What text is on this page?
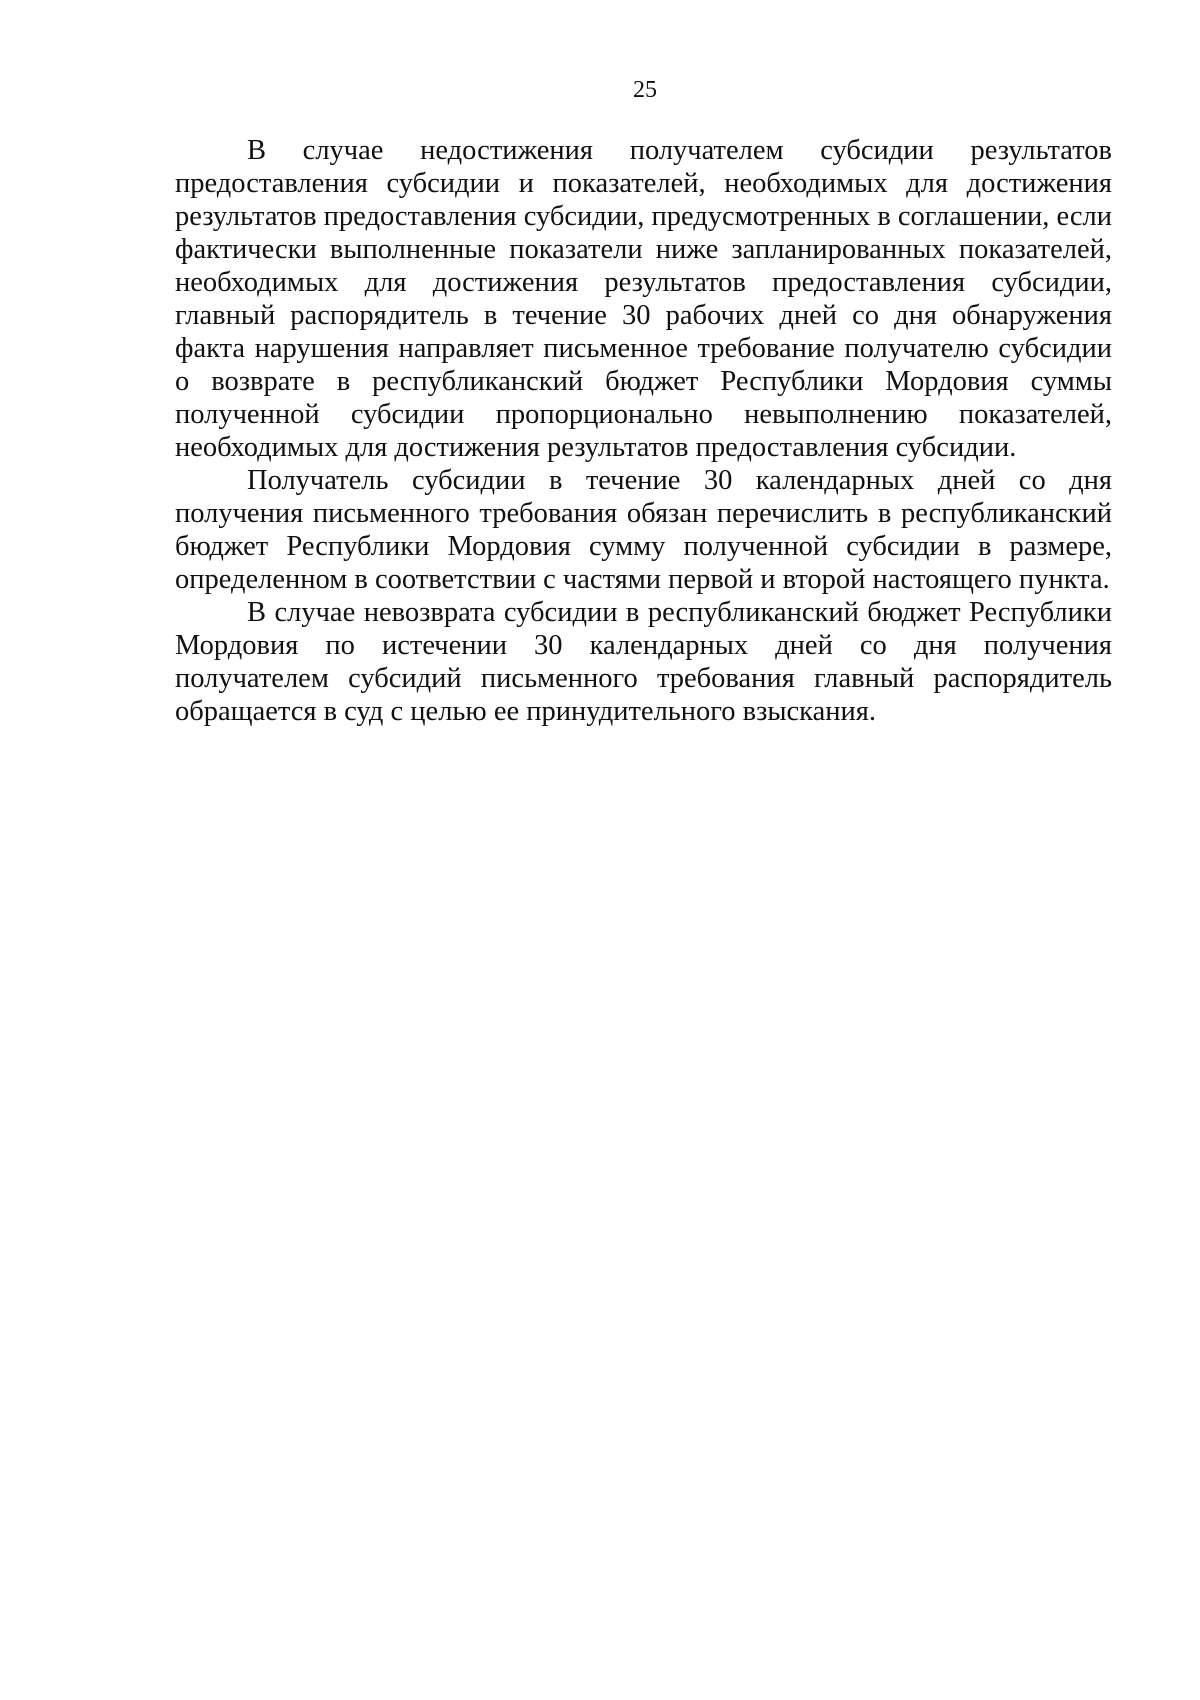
25

В случае недостижения получателем субсидии результатов предоставления субсидии и показателей, необходимых для достижения результатов предоставления субсидии, предусмотренных в соглашении, если фактически выполненные показатели ниже запланированных показателей, необходимых для достижения результатов предоставления субсидии, главный распорядитель в течение 30 рабочих дней со дня обнаружения факта нарушения направляет письменное требование получателю субсидии о возврате в республиканский бюджет Республики Мордовия суммы полученной субсидии пропорционально невыполнению показателей, необходимых для достижения результатов предоставления субсидии.

Получатель субсидии в течение 30 календарных дней со дня получения письменного требования обязан перечислить в республиканский бюджет Республики Мордовия сумму полученной субсидии в размере, определенном в соответствии с частями первой и второй настоящего пункта.

В случае невозврата субсидии в республиканский бюджет Республики Мордовия по истечении 30 календарных дней со дня получения получателем субсидий письменного требования главный распорядитель обращается в суд с целью ее принудительного взыскания.
